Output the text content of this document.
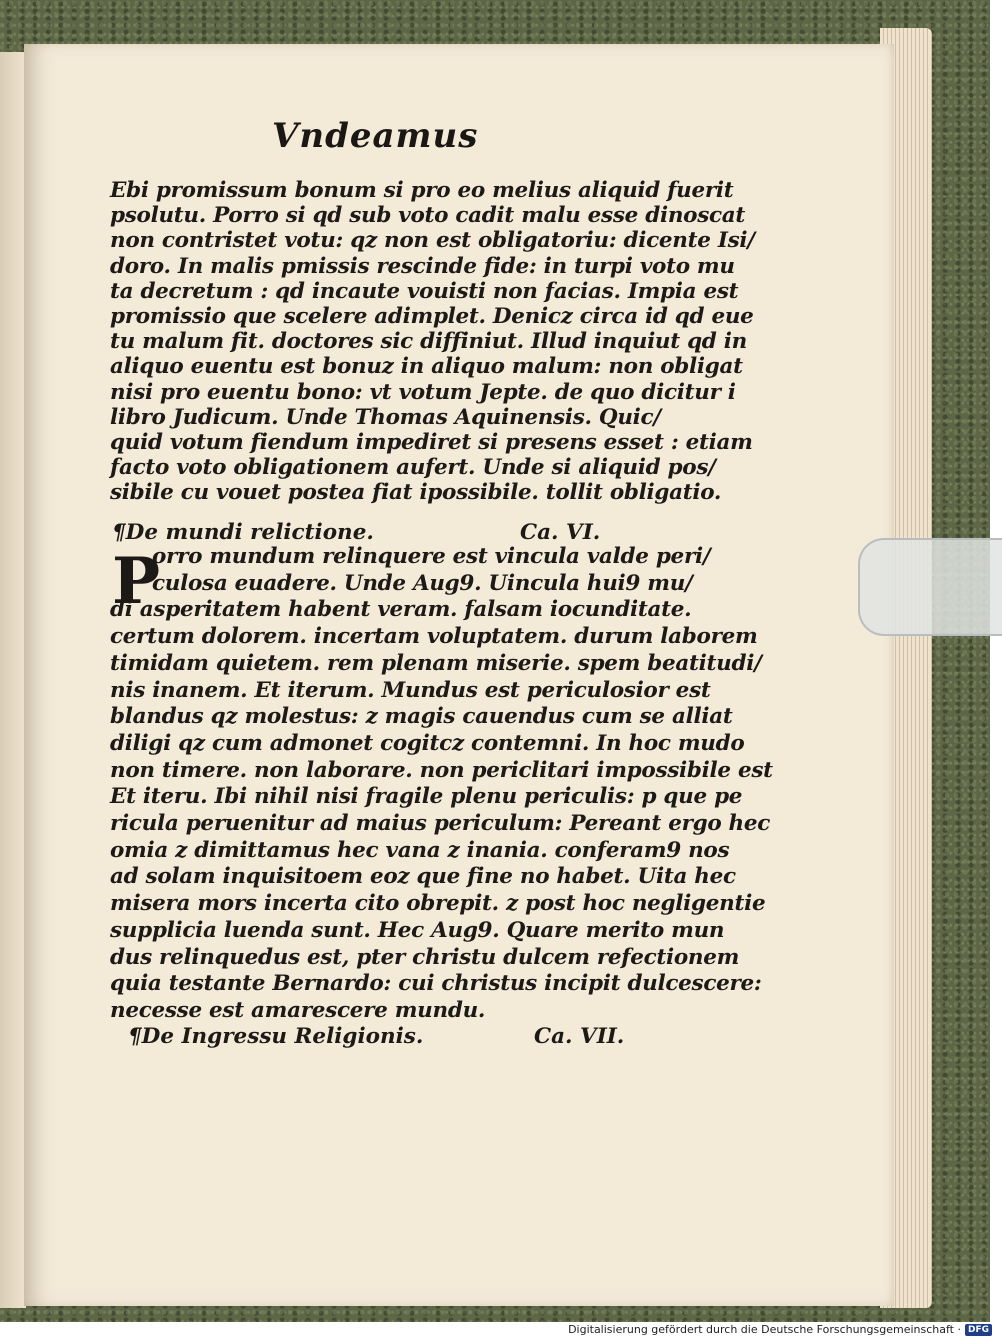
Vndeamus
Ebi promissum bonum si pro eo melius aliquid fuerit
psolutu. Porro si qd sub voto cadit malu esse dinoscat
non contristet votu: qz non est obligatoriu: dicente Isi/
doro. In malis pmissis rescinde fide: in turpi voto mu
ta decretum : qd incaute vouisti non facias. Impia est
promissio que scelere adimplet. Denicz circa id qd eue
tu malum fit. doctores sic diffiniut. Illud inquiut qd in
aliquo euentu est bonuz in aliquo malum: non obligat
nisi pro euentu bono: vt votum Jepte. de quo dicitur i
libro Judicum. Unde Thomas Aquinensis. Quic/
quid votum fiendum impediret si presens esset : etiam
facto voto obligationem aufert. Unde si aliquid pos/
sibile cu vouet postea fiat ipossibile. tollit obligatio.
¶De mundi relictione.	Ca. VI.
P
orro mundum relinquere est vincula valde peri/
culosa euadere. Unde Aug9. Uincula hui9 mu/
di asperitatem habent veram. falsam iocunditate.
certum dolorem. incertam voluptatem. durum laborem
timidam quietem. rem plenam miserie. spem beatitudi/
nis inanem. Et iterum. Mundus est periculosior est
blandus qz molestus: z magis cauendus cum se alliat
diligi qz cum admonet cogitcz contemni. In hoc mudo
non timere. non laborare. non periclitari impossibile est
Et iteru. Ibi nihil nisi fragile plenu periculis: p que pe
ricula peruenitur ad maius periculum: Pereant ergo hec
omia z dimittamus hec vana z inania. conferam9 nos
ad solam inquisitoem eoz que fine no habet. Uita hec
misera mors incerta cito obrepit. z post hoc negligentie
supplicia luenda sunt. Hec Aug9. Quare merito mun
dus relinquedus est, pter christu dulcem refectionem
quia testante Bernardo: cui christus incipit dulcescere:
necesse est amarescere mundu.
¶De Ingressu Religionis.	Ca. VII.
Digitalisierung gefördert durch die Deutsche Forschungsgemeinschaft · DFG
